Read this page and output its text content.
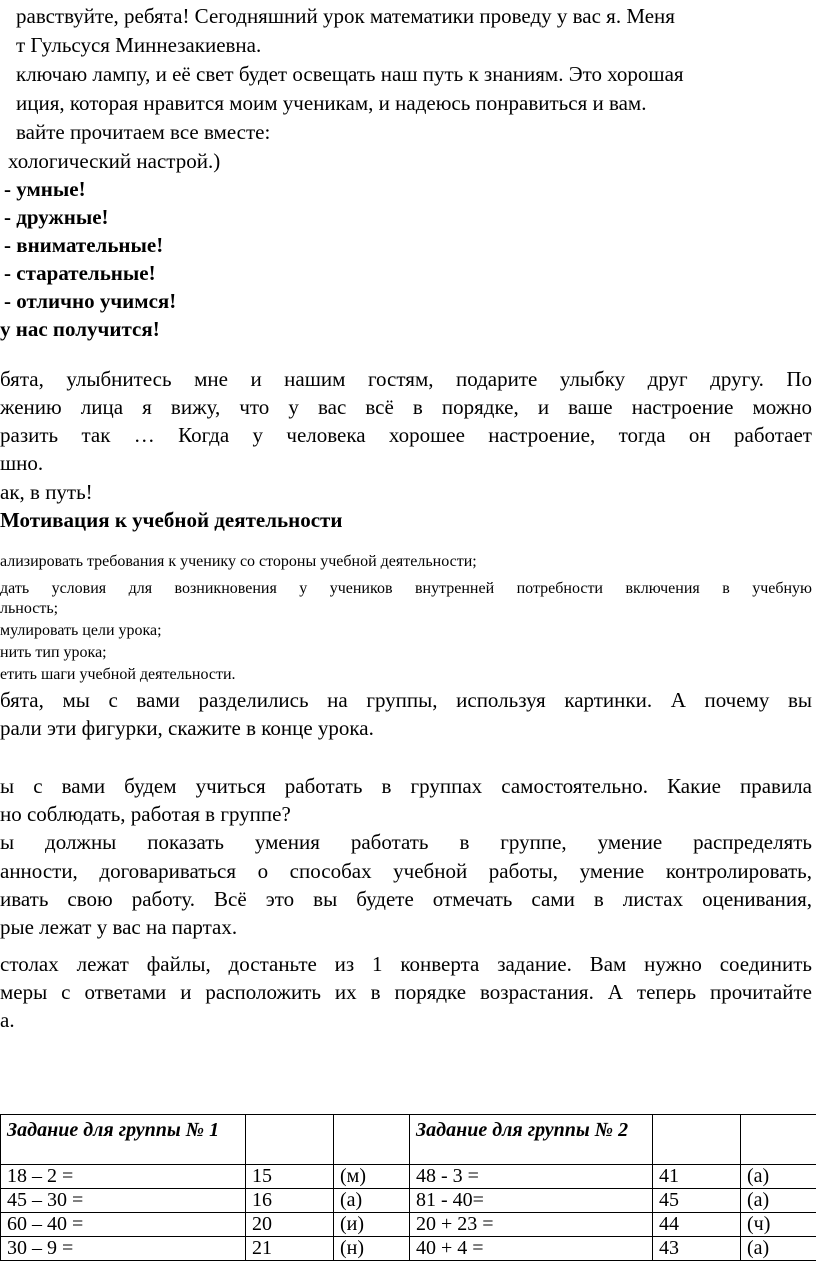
равствуйте, ребята! Сегодняшний урок математики проведу у вас я. Меня
т Гульсуся Миннезакиевна.
ключаю лампу, и её свет будет освещать наш путь к знаниям. Это хорошая
иция, которая нравится моим ученикам, и надеюсь понравиться и вам.
вайте прочитаем все вместе:
хологический настрой.)
- умные!
- дружные!
- внимательные!
- старательные!
- отлично учимся!
у нас получится!
бята, улыбнитесь мне и нашим гостям, подарите улыбку друг другу. По
жению лица я вижу, что у вас всё в порядке, и ваше настроение можно
разить так … Когда у человека хорошее настроение, тогда он работает
шно.
ак, в путь!
Мотивация к учебной деятельности
ализировать требования к ученику со стороны учебной деятельности;
дать условия для возникновения у учеников внутренней потребности включения в учебную
льность;
мулировать цели урока;
нить тип урока;
етить шаги учебной деятельности.
бята, мы с вами разделились на группы, используя картинки. А почему вы
рали эти фигурки, скажите в конце урока.
ы с вами будем учиться работать в группах самостоятельно. Какие правила
но соблюдать, работая в группе?
ы должны показать умения работать в группе, умение распределять
анности, договариваться о способах учебной работы, умение контролировать,
ивать свою работу. Всё это вы будете отмечать сами в листах оценивания,
рые лежат у вас на партах.
столах лежат файлы, достаньте из 1 конверта задание. Вам нужно соединить
меры с ответами и расположить их в порядке возрастания. А теперь прочитайте
а.
Задание для группы № 1			Задание для группы № 2		
18 – 2 =	15	(м)	48 - 3 =	41	(а)
45 – 30 =	16	(а)	81 - 40=	45	(а)
60 – 40 =	20	(и)	20 + 23 =	44	(ч)
30 – 9 =	21	(н)	40 + 4 =	43	(а)
